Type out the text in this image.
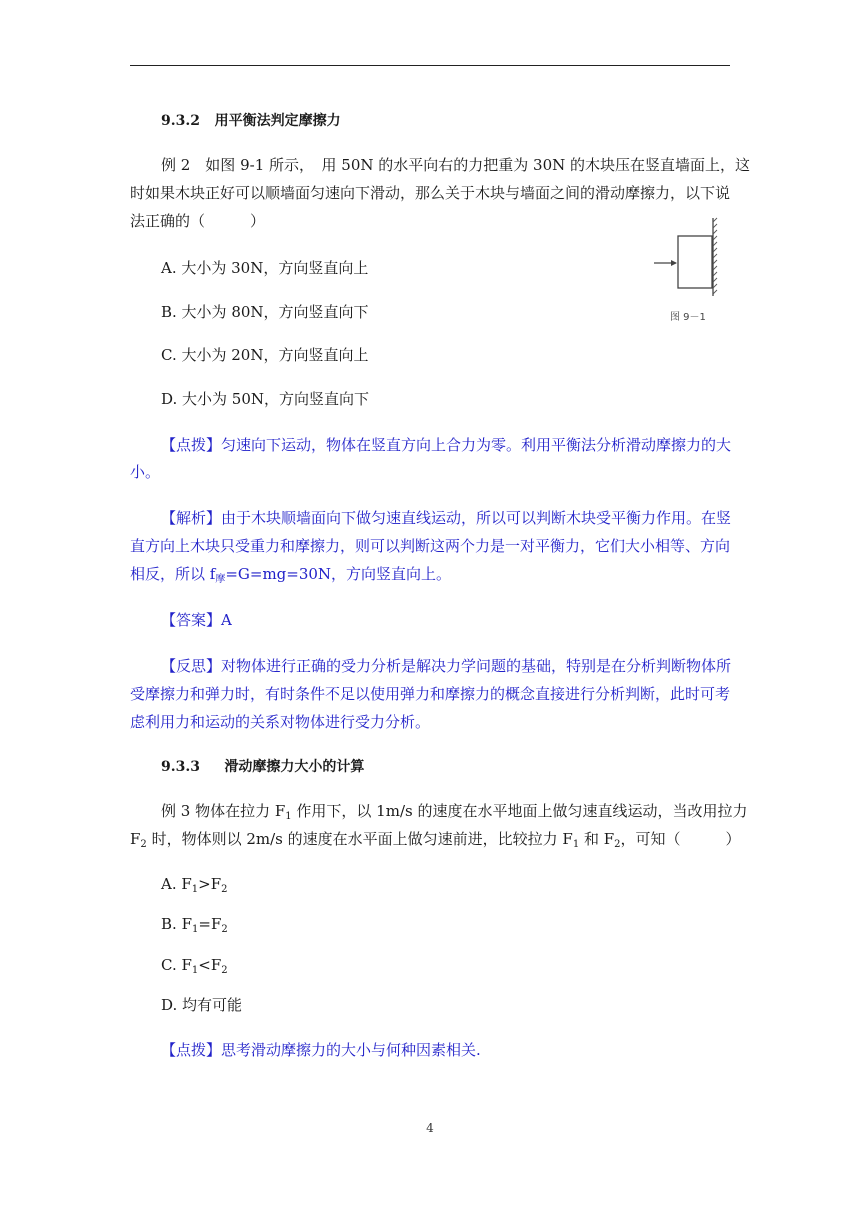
9.3.2 用平衡法判定摩擦力
例 2　如图 9-1 所示，　用 50N 的水平向右的力把重为 30N 的木块压在竖直墙面上，这
时如果木块正好可以顺墙面匀速向下滑动，那么关于木块与墙面之间的滑动摩擦力，以下说
法正确的（　　　）
A. 大小为 30N，方向竖直向上
B. 大小为 80N，方向竖直向下
C. 大小为 20N，方向竖直向上
D. 大小为 50N，方向竖直向下
图 9－1
【点拨】匀速向下运动，物体在竖直方向上合力为零。利用平衡法分析滑动摩擦力的大
小。
【解析】由于木块顺墙面向下做匀速直线运动，所以可以判断木块受平衡力作用。在竖
直方向上木块只受重力和摩擦力，则可以判断这两个力是一对平衡力，它们大小相等、方向
相反，所以 $f_摩=G=mg=30N$，方向竖直向上。
【答案】A
【反思】对物体进行正确的受力分析是解决力学问题的基础，特别是在分析判断物体所
受摩擦力和弹力时，有时条件不足以使用弹力和摩擦力的概念直接进行分析判断，此时可考
虑利用力和运动的关系对物体进行受力分析。
9.3.3 滑动摩擦力大小的计算
例 3 物体在拉力 $F_1$ 作用下，以 1m/s 的速度在水平地面上做匀速直线运动，当改用拉力
$F_2$ 时，物体则以 2m/s 的速度在水平面上做匀速前进，比较拉力 $F_1$ 和 $F_2$，可知（　　　）
A. $F_1>F_2$
B. $F_1=F_2$
C. $F_1<F_2$
D. 均有可能
【点拨】思考滑动摩擦力的大小与何种因素相关.
4
